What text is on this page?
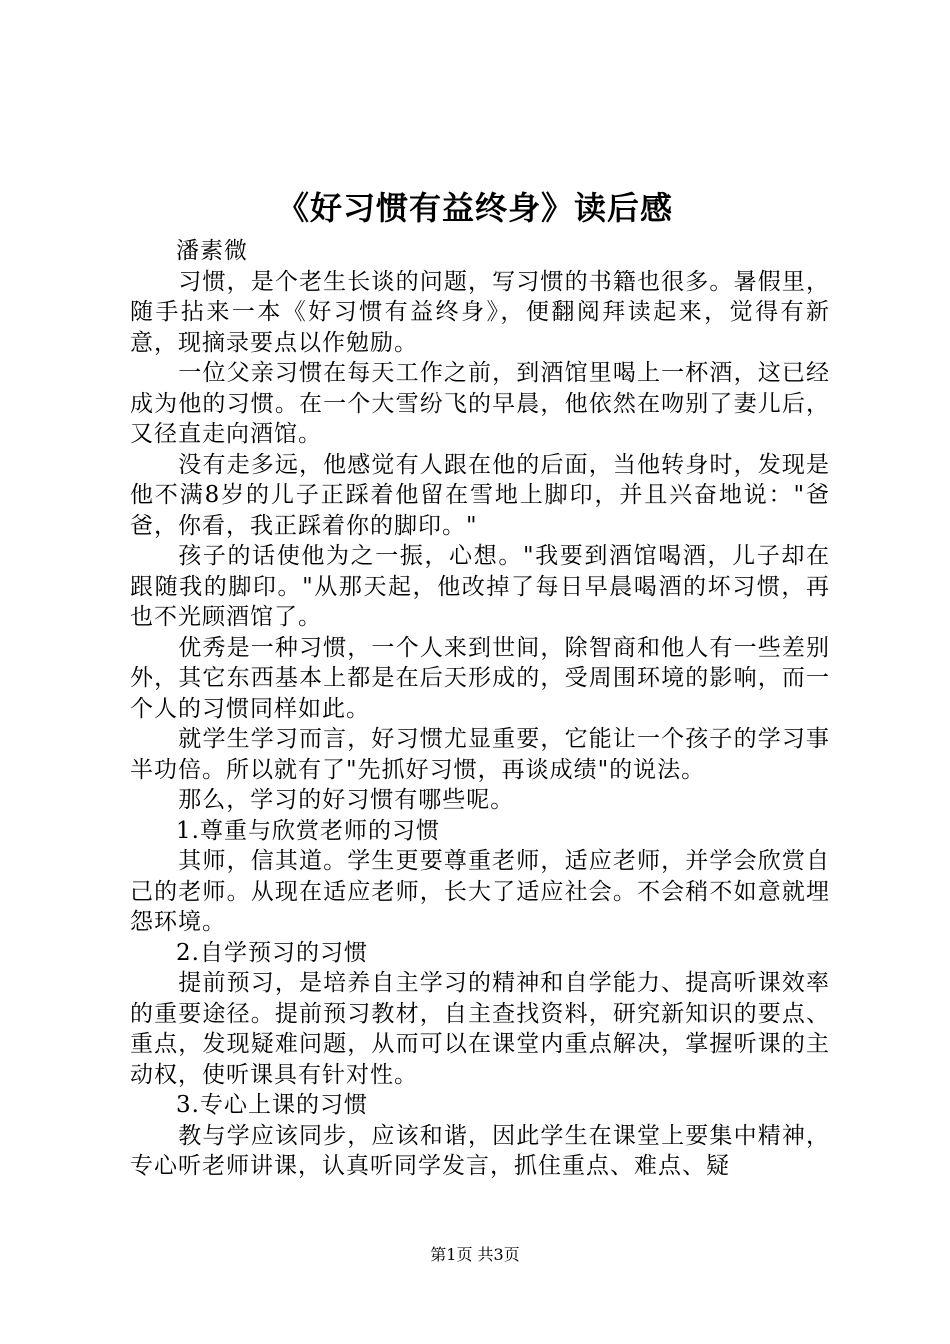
《好习惯有益终身》读后感

潘素微

习惯，是个老生长谈的问题，写习惯的书籍也很多。暑假里，随手拈来一本《好习惯有益终身》，便翻阅拜读起来，觉得有新意，现摘录要点以作勉励。

一位父亲习惯在每天工作之前，到酒馆里喝上一杯酒，这已经成为他的习惯。在一个大雪纷飞的早晨，他依然在吻别了妻儿后，又径直走向酒馆。

没有走多远，他感觉有人跟在他的后面，当他转身时，发现是他不满8岁的儿子正踩着他留在雪地上脚印，并且兴奋地说："爸爸，你看，我正踩着你的脚印。"

孩子的话使他为之一振，心想。"我要到酒馆喝酒，儿子却在跟随我的脚印。"从那天起，他改掉了每日早晨喝酒的坏习惯，再也不光顾酒馆了。

优秀是一种习惯，一个人来到世间，除智商和他人有一些差别外，其它东西基本上都是在后天形成的，受周围环境的影响，而一个人的习惯同样如此。

就学生学习而言，好习惯尤显重要，它能让一个孩子的学习事半功倍。所以就有了"先抓好习惯，再谈成绩"的说法。

那么，学习的好习惯有哪些呢。

1.尊重与欣赏老师的习惯

其师，信其道。学生更要尊重老师，适应老师，并学会欣赏自己的老师。从现在适应老师，长大了适应社会。不会稍不如意就埋怨环境。

2.自学预习的习惯

提前预习，是培养自主学习的精神和自学能力、提高听课效率的重要途径。提前预习教材，自主查找资料，研究新知识的要点、重点，发现疑难问题，从而可以在课堂内重点解决，掌握听课的主动权，使听课具有针对性。

3.专心上课的习惯

教与学应该同步，应该和谐，因此学生在课堂上要集中精神，专心听老师讲课，认真听同学发言，抓住重点、难点、疑

第1页 共3页
